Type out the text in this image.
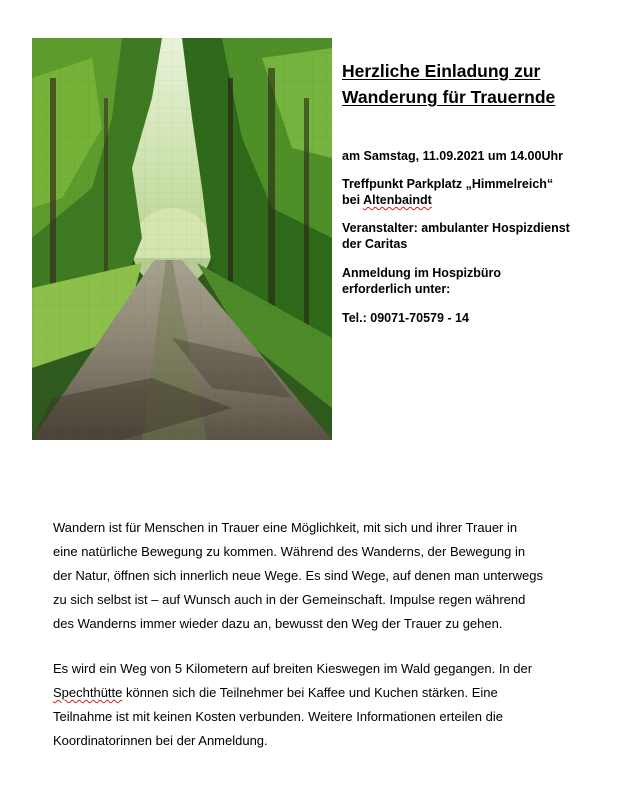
Herzliche Einladung zur
Wanderung für Trauernde
am Samstag, 11.09.2021 um 14.00Uhr
Treffpunkt Parkplatz „Himmelreich“
bei Altenbaindt
Veranstalter: ambulanter Hospizdienst
der Caritas
Anmeldung im Hospizbüro
erforderlich unter:
Tel.: 09071-70579 - 14
Wandern ist für Menschen in Trauer eine Möglichkeit, mit sich und ihrer Trauer in
eine natürliche Bewegung zu kommen. Während des Wanderns, der Bewegung in
der Natur, öffnen sich innerlich neue Wege. Es sind Wege, auf denen man unterwegs
zu sich selbst ist – auf Wunsch auch in der Gemeinschaft. Impulse regen während
des Wanderns immer wieder dazu an, bewusst den Weg der Trauer zu gehen.
Es wird ein Weg von 5 Kilometern auf breiten Kieswegen im Wald gegangen. In der
Spechthütte können sich die Teilnehmer bei Kaffee und Kuchen stärken. Eine
Teilnahme ist mit keinen Kosten verbunden. Weitere Informationen erteilen die
Koordinatorinnen bei der Anmeldung.
